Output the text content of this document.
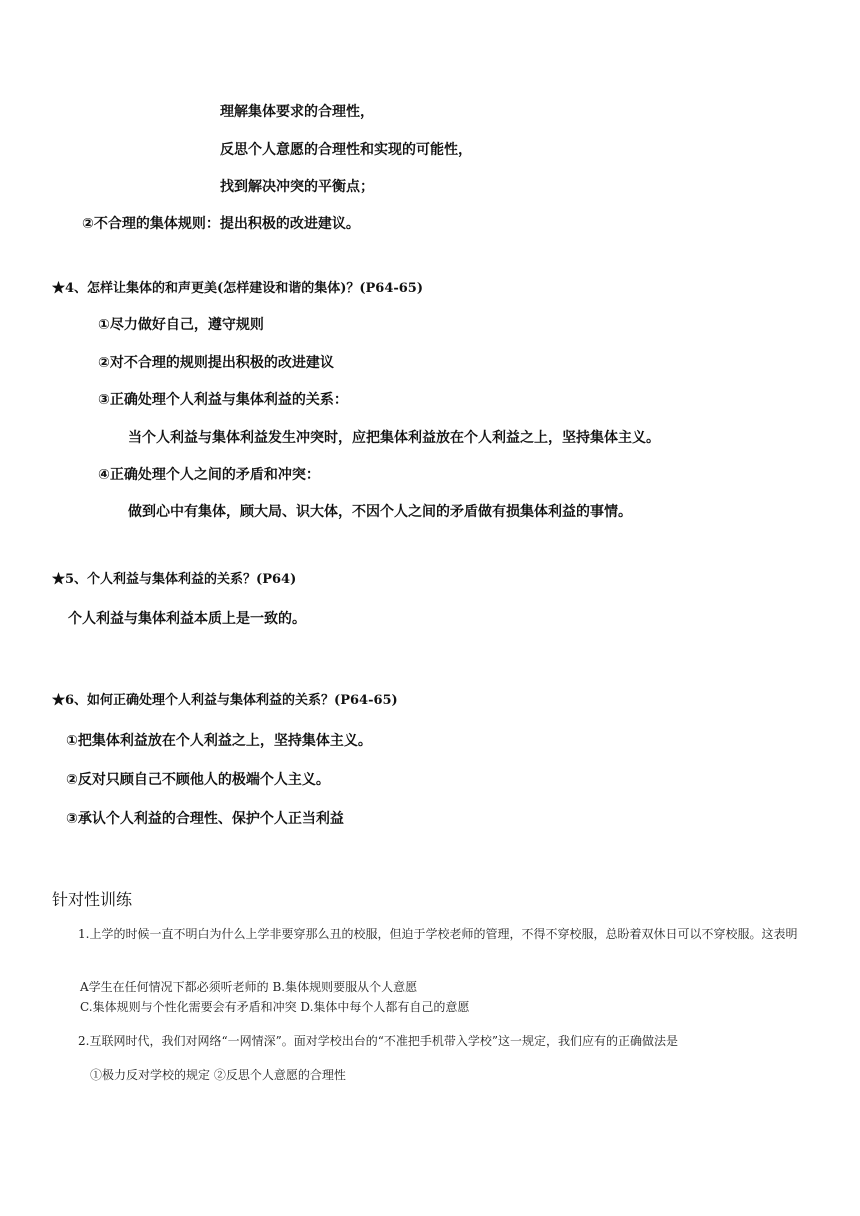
理解集体要求的合理性，
反思个人意愿的合理性和实现的可能性，
找到解决冲突的平衡点；
②不合理的集体规则：提出积极的改进建议。
★4、怎样让集体的和声更美(怎样建设和谐的集体)？(P64-65)
①尽力做好自己，遵守规则
②对不合理的规则提出积极的改进建议
③正确处理个人利益与集体利益的关系：
当个人利益与集体利益发生冲突时，应把集体利益放在个人利益之上，坚持集体主义。
④正确处理个人之间的矛盾和冲突：
做到心中有集体，顾大局、识大体，不因个人之间的矛盾做有损集体利益的事情。
★5、个人利益与集体利益的关系？(P64)
个人利益与集体利益本质上是一致的。
★6、如何正确处理个人利益与集体利益的关系？(P64-65)
①把集体利益放在个人利益之上，坚持集体主义。
②反对只顾自己不顾他人的极端个人主义。
③承认个人利益的合理性、保护个人正当利益
针对性训练
1.上学的时候一直不明白为什么上学非要穿那么丑的校服，但迫于学校老师的管理，不得不穿校服，总盼着双休日可以不穿校服。这表明
A学生在任何情况下都必须听老师的 B.集体规则要服从个人意愿
C.集体规则与个性化需要会有矛盾和冲突 D.集体中每个人都有自己的意愿
2.互联网时代，我们对网络“一网情深”。面对学校出台的“不准把手机带入学校”这一规定，我们应有的正确做法是
①极力反对学校的规定 ②反思个人意愿的合理性
